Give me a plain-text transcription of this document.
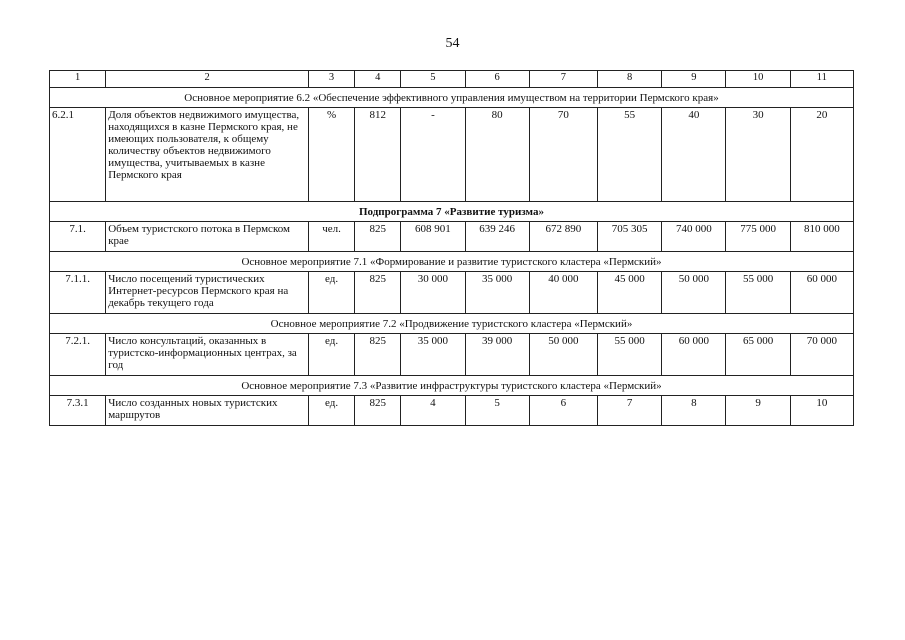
54
1	2	3	4	5	6	7	8	9	10	11
Основное мероприятие 6.2 «Обеспечение эффективного управления имуществом на территории Пермского края»										
6.2.1	Доля объектов недвижимого имущества, находящихся в казне Пермского края, не имеющих пользователя, к общему количеству объектов недвижимого имущества, учитываемых в казне Пермского края	%	812	-	80	70	55	40	30	20
Подпрограмма 7 «Развитие туризма»										
7.1.	Объем туристского потока в Пермском крае	чел.	825	608 901	639 246	672 890	705 305	740 000	775 000	810 000
Основное мероприятие 7.1 «Формирование и развитие туристского кластера «Пермский»										
7.1.1.	Число посещений туристических Интернет-ресурсов Пермского края на декабрь текущего года	ед.	825	30 000	35 000	40 000	45 000	50 000	55 000	60 000
Основное мероприятие 7.2 «Продвижение туристского кластера «Пермский»										
7.2.1.	Число консультаций, оказанных в туристско-информационных центрах, за год	ед.	825	35 000	39 000	50 000	55 000	60 000	65 000	70 000
Основное мероприятие 7.3 «Развитие инфраструктуры туристского кластера «Пермский»										
7.3.1	Число созданных новых туристских маршрутов	ед.	825	4	5	6	7	8	9	10
